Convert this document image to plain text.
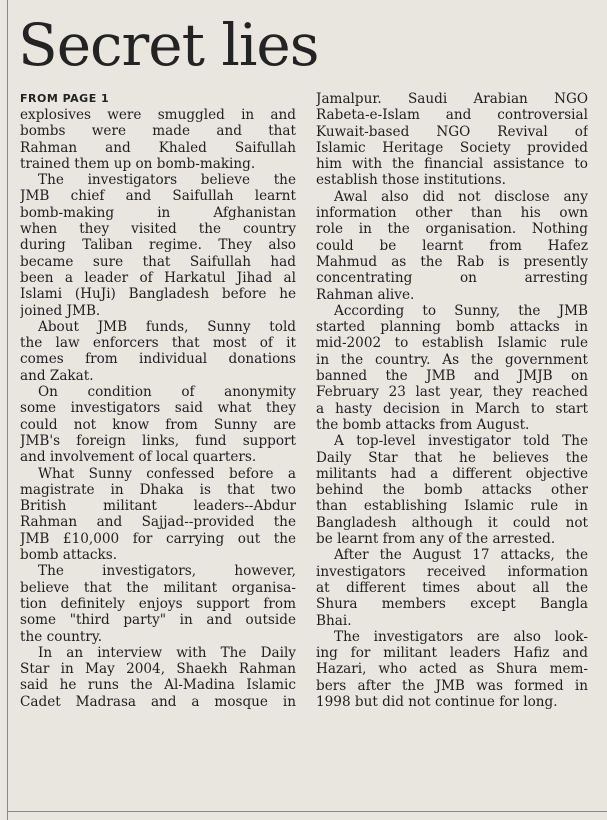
Secret lies
FROM PAGE 1
explosives were smuggled in and
bombs were made and that
Rahman and Khaled Saifullah
trained them up on bomb-making.
The investigators believe the
JMB chief and Saifullah learnt
bomb-making in Afghanistan
when they visited the country
during Taliban regime. They also
became sure that Saifullah had
been a leader of Harkatul Jihad al
Islami (HuJi) Bangladesh before he
joined JMB.
About JMB funds, Sunny told
the law enforcers that most of it
comes from individual donations
and Zakat.
On condition of anonymity
some investigators said what they
could not know from Sunny are
JMB's foreign links, fund support
and involvement of local quarters.
What Sunny confessed before a
magistrate in Dhaka is that two
British militant leaders--Abdur
Rahman and Sajjad--provided the
JMB £10,000 for carrying out the
bomb attacks.
The investigators, however,
believe that the militant organisa-
tion definitely enjoys support from
some "third party" in and outside
the country.
In an interview with The Daily
Star in May 2004, Shaekh Rahman
said he runs the Al-Madina Islamic
Cadet Madrasa and a mosque in
Jamalpur. Saudi Arabian NGO
Rabeta-e-Islam and controversial
Kuwait-based NGO Revival of
Islamic Heritage Society provided
him with the financial assistance to
establish those institutions.
Awal also did not disclose any
information other than his own
role in the organisation. Nothing
could be learnt from Hafez
Mahmud as the Rab is presently
concentrating on arresting
Rahman alive.
According to Sunny, the JMB
started planning bomb attacks in
mid-2002 to establish Islamic rule
in the country. As the government
banned the JMB and JMJB on
February 23 last year, they reached
a hasty decision in March to start
the bomb attacks from August.
A top-level investigator told The
Daily Star that he believes the
militants had a different objective
behind the bomb attacks other
than establishing Islamic rule in
Bangladesh although it could not
be learnt from any of the arrested.
After the August 17 attacks, the
investigators received information
at different times about all the
Shura members except Bangla
Bhai.
The investigators are also look-
ing for militant leaders Hafiz and
Hazari, who acted as Shura mem-
bers after the JMB was formed in
1998 but did not continue for long.
